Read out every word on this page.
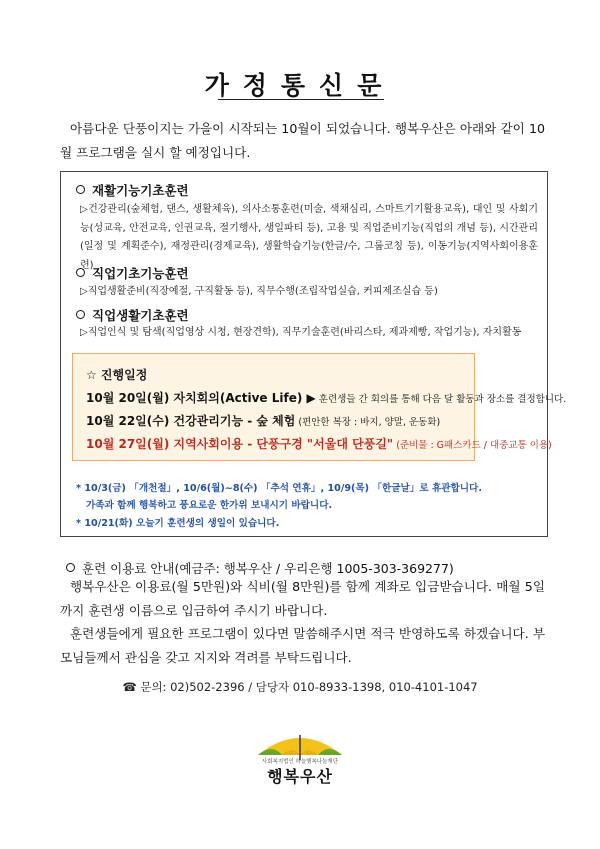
가정통신문
아름다운 단풍이지는 가을이 시작되는 10월이 되었습니다. 행복우산은 아래와 같이 10월 프로그램을 실시 할 예정입니다.
재활기능기초훈련
▷건강관리(숲체험, 댄스, 생활체육), 의사소통훈련(미술, 색채심리, 스마트기기활용교육), 대인 및 사회기능(성교육, 안전교육, 인권교육, 절기행사, 생일파티 등), 고용 및 직업준비기능(직업의 개념 등), 시간관리(일정 및 계획준수), 재정관리(경제교육), 생활학습기능(한글/수, 그룹코칭 등), 이동기능(지역사회이용훈련)
직업기초기능훈련
▷직업생활준비(직장예절, 구직활동 등), 직무수행(조립작업실습, 커피제조실습 등)
직업생활기초훈련
▷직업인식 및 탐색(직업영상 시청, 현장견학), 직무기술훈련(바리스타, 제과제빵, 작업기능), 자치활동
☆ 진행일정
10월 20일(월) 자치회의(Active Life) ▶ 훈련생들 간 회의를 통해 다음 달 활동과 장소를 결정합니다.
10월 22일(수) 건강관리기능 - 숲 체험 (편안한 복장 : 바지, 양말, 운동화)
10월 27일(월) 지역사회이용 - 단풍구경 "서울대 단풍길" (준비물 : G패스카드 / 대중교통 이용)
* 10/3(금) 「개천절」, 10/6(월)~8(수) 「추석 연휴」, 10/9(목) 「한글날」로 휴관합니다.
가족과 함께 행복하고 풍요로운 한가위 보내시기 바랍니다.
* 10/21(화) 오늘기 훈련생의 생일이 있습니다.
훈련 이용료 안내(예금주: 행복우산 / 우리은행 1005-303-369277)
행복우산은 이용료(월 5만원)와 식비(월 8만원)를 함께 계좌로 입금받습니다. 매월 5일까지 훈련생 이름으로 입금하여 주시기 바랍니다.
훈련생들에게 필요한 프로그램이 있다면 말씀해주시면 적극 반영하도록 하겠습니다. 부모님들께서 관심을 갖고 지지와 격려를 부탁드립니다.
☎ 문의: 02)502-2396 / 담당자 010-8933-1398, 010-4101-1047
사회복지법인 하늘행복나눔재단
행복우산
